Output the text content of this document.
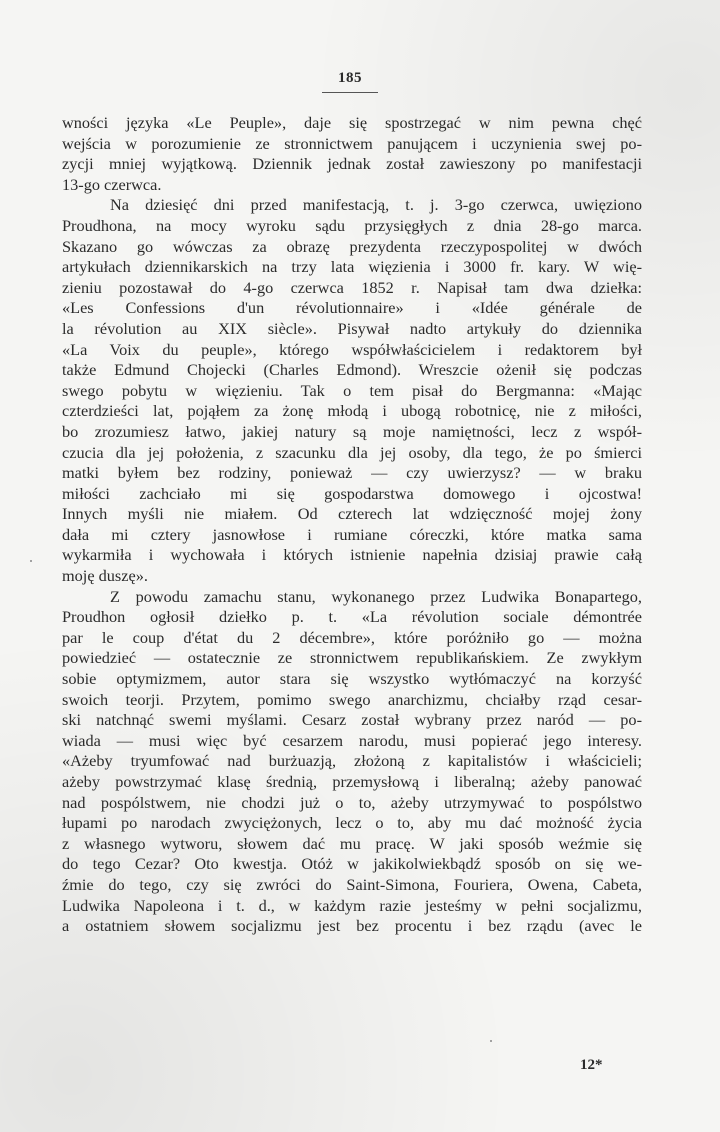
185
wności języka «Le Peuple», daje się spostrzegać w nim pewna chęć
wejścia w porozumienie ze stronnictwem panującem i uczynienia swej po-
zycji mniej wyjątkową. Dziennik jednak został zawieszony po manifestacji
13-go czerwca.
Na dziesięć dni przed manifestacją, t. j. 3-go czerwca, uwięziono
Proudhona, na mocy wyroku sądu przysięgłych z dnia 28-go marca.
Skazano go wówczas za obrazę prezydenta rzeczypospolitej w dwóch
artykułach dziennikarskich na trzy lata więzienia i 3000 fr. kary. W wię-
zieniu pozostawał do 4-go czerwca 1852 r. Napisał tam dwa dziełka:
«Les Confessions d'un révolutionnaire» i «Idée générale de
la révolution au XIX siècle». Pisywał nadto artykuły do dziennika
«La Voix du peuple», którego współwłaścicielem i redaktorem był
także Edmund Chojecki (Charles Edmond). Wreszcie ożenił się podczas
swego pobytu w więzieniu. Tak o tem pisał do Bergmanna: «Mając
czterdzieści lat, pojąłem za żonę młodą i ubogą robotnicę, nie z miłości,
bo zrozumiesz łatwo, jakiej natury są moje namiętności, lecz z współ-
czucia dla jej położenia, z szacunku dla jej osoby, dla tego, że po śmierci
matki byłem bez rodziny, ponieważ — czy uwierzysz? — w braku
miłości zachciało mi się gospodarstwa domowego i ojcostwa!
Innych myśli nie miałem. Od czterech lat wdzięczność mojej żony
dała mi cztery jasnowłose i rumiane córeczki, które matka sama
wykarmiła i wychowała i których istnienie napełnia dzisiaj prawie całą
moję duszę».
Z powodu zamachu stanu, wykonanego przez Ludwika Bonapartego,
Proudhon ogłosił dziełko p. t. «La révolution sociale démontrée
par le coup d'état du 2 décembre», które poróżniło go — można
powiedzieć — ostatecznie ze stronnictwem republikańskiem. Ze zwykłym
sobie optymizmem, autor stara się wszystko wytłómaczyć na korzyść
swoich teorji. Przytem, pomimo swego anarchizmu, chciałby rząd cesar-
ski natchnąć swemi myślami. Cesarz został wybrany przez naród — po-
wiada — musi więc być cesarzem narodu, musi popierać jego interesy.
«Ażeby tryumfować nad burżuazją, złożoną z kapitalistów i właścicieli;
ażeby powstrzymać klasę średnią, przemysłową i liberalną; ażeby panować
nad pospólstwem, nie chodzi już o to, ażeby utrzymywać to pospólstwo
łupami po narodach zwyciężonych, lecz o to, aby mu dać możność życia
z własnego wytworu, słowem dać mu pracę. W jaki sposób weźmie się
do tego Cezar? Oto kwestja. Otóż w jakikolwiekbądź sposób on się we-
źmie do tego, czy się zwróci do Saint-Simona, Fouriera, Owena, Cabeta,
Ludwika Napoleona i t. d., w każdym razie jesteśmy w pełni socjalizmu,
a ostatniem słowem socjalizmu jest bez procentu i bez rządu (avec le
12*
